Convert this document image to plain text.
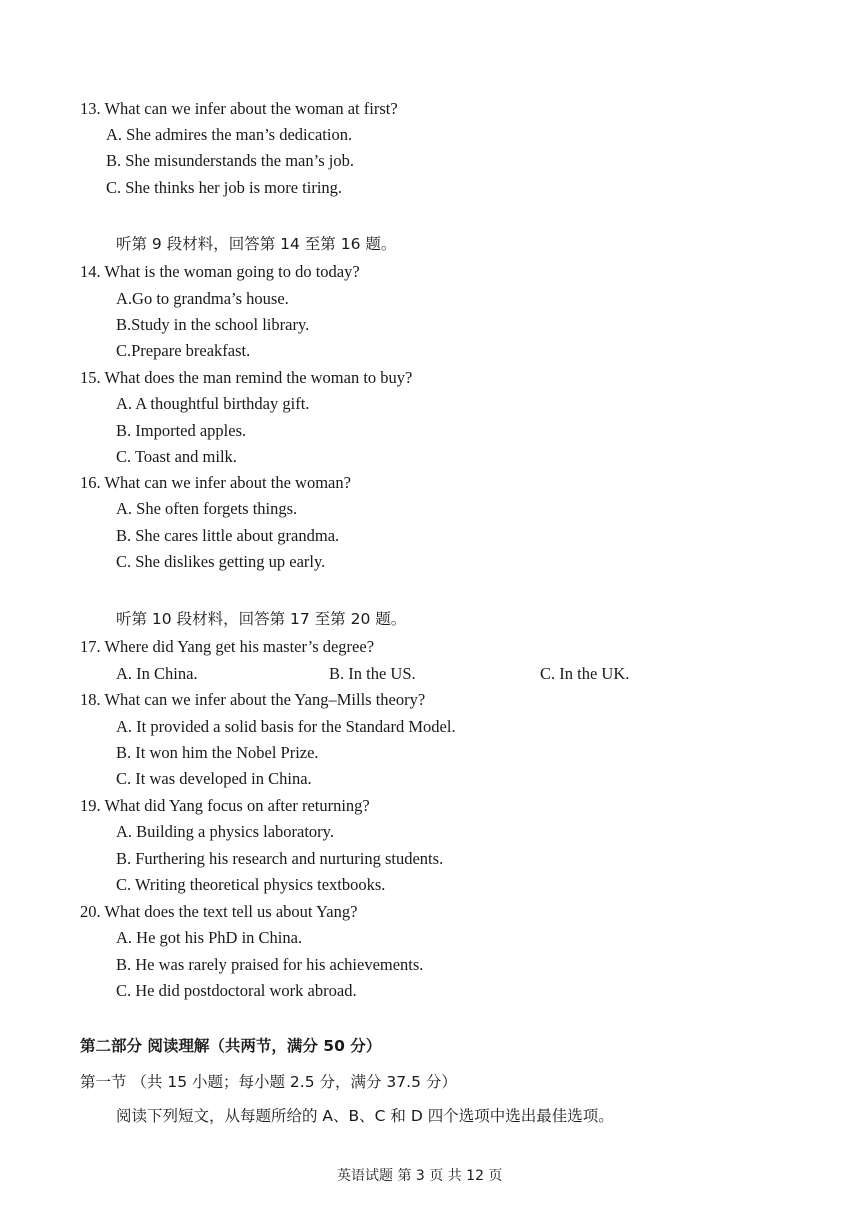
13. What can we infer about the woman at first?
A. She admires the man’s dedication.
B. She misunderstands the man’s job.
C. She thinks her job is more tiring.
听第 9 段材料，回答第 14 至第 16 题。
14. What is the woman going to do today?
A.Go to grandma’s house.
B.Study in the school library.
C.Prepare breakfast.
15. What does the man remind the woman to buy?
A. A thoughtful birthday gift.
B. Imported apples.
C. Toast and milk.
16. What can we infer about the woman?
A. She often forgets things.
B. She cares little about grandma.
C. She dislikes getting up early.
听第 10 段材料，回答第 17 至第 20 题。
17. Where did Yang get his master’s degree?
A. In China.	B. In the US.	C. In the UK.
18. What can we infer about the Yang–Mills theory?
A. It provided a solid basis for the Standard Model.
B. It won him the Nobel Prize.
C. It was developed in China.
19. What did Yang focus on after returning?
A. Building a physics laboratory.
B. Furthering his research and nurturing students.
C. Writing theoretical physics textbooks.
20. What does the text tell us about Yang?
A. He got his PhD in China.
B. He was rarely praised for his achievements.
C. He did postdoctoral work abroad.
第二部分 阅读理解（共两节，满分 50 分）
第一节 （共 15 小题；每小题 2.5 分，满分 37.5 分）
阅读下列短文，从每题所给的 A、B、C 和 D 四个选项中选出最佳选项。
英语试题 第 3 页 共 12 页
